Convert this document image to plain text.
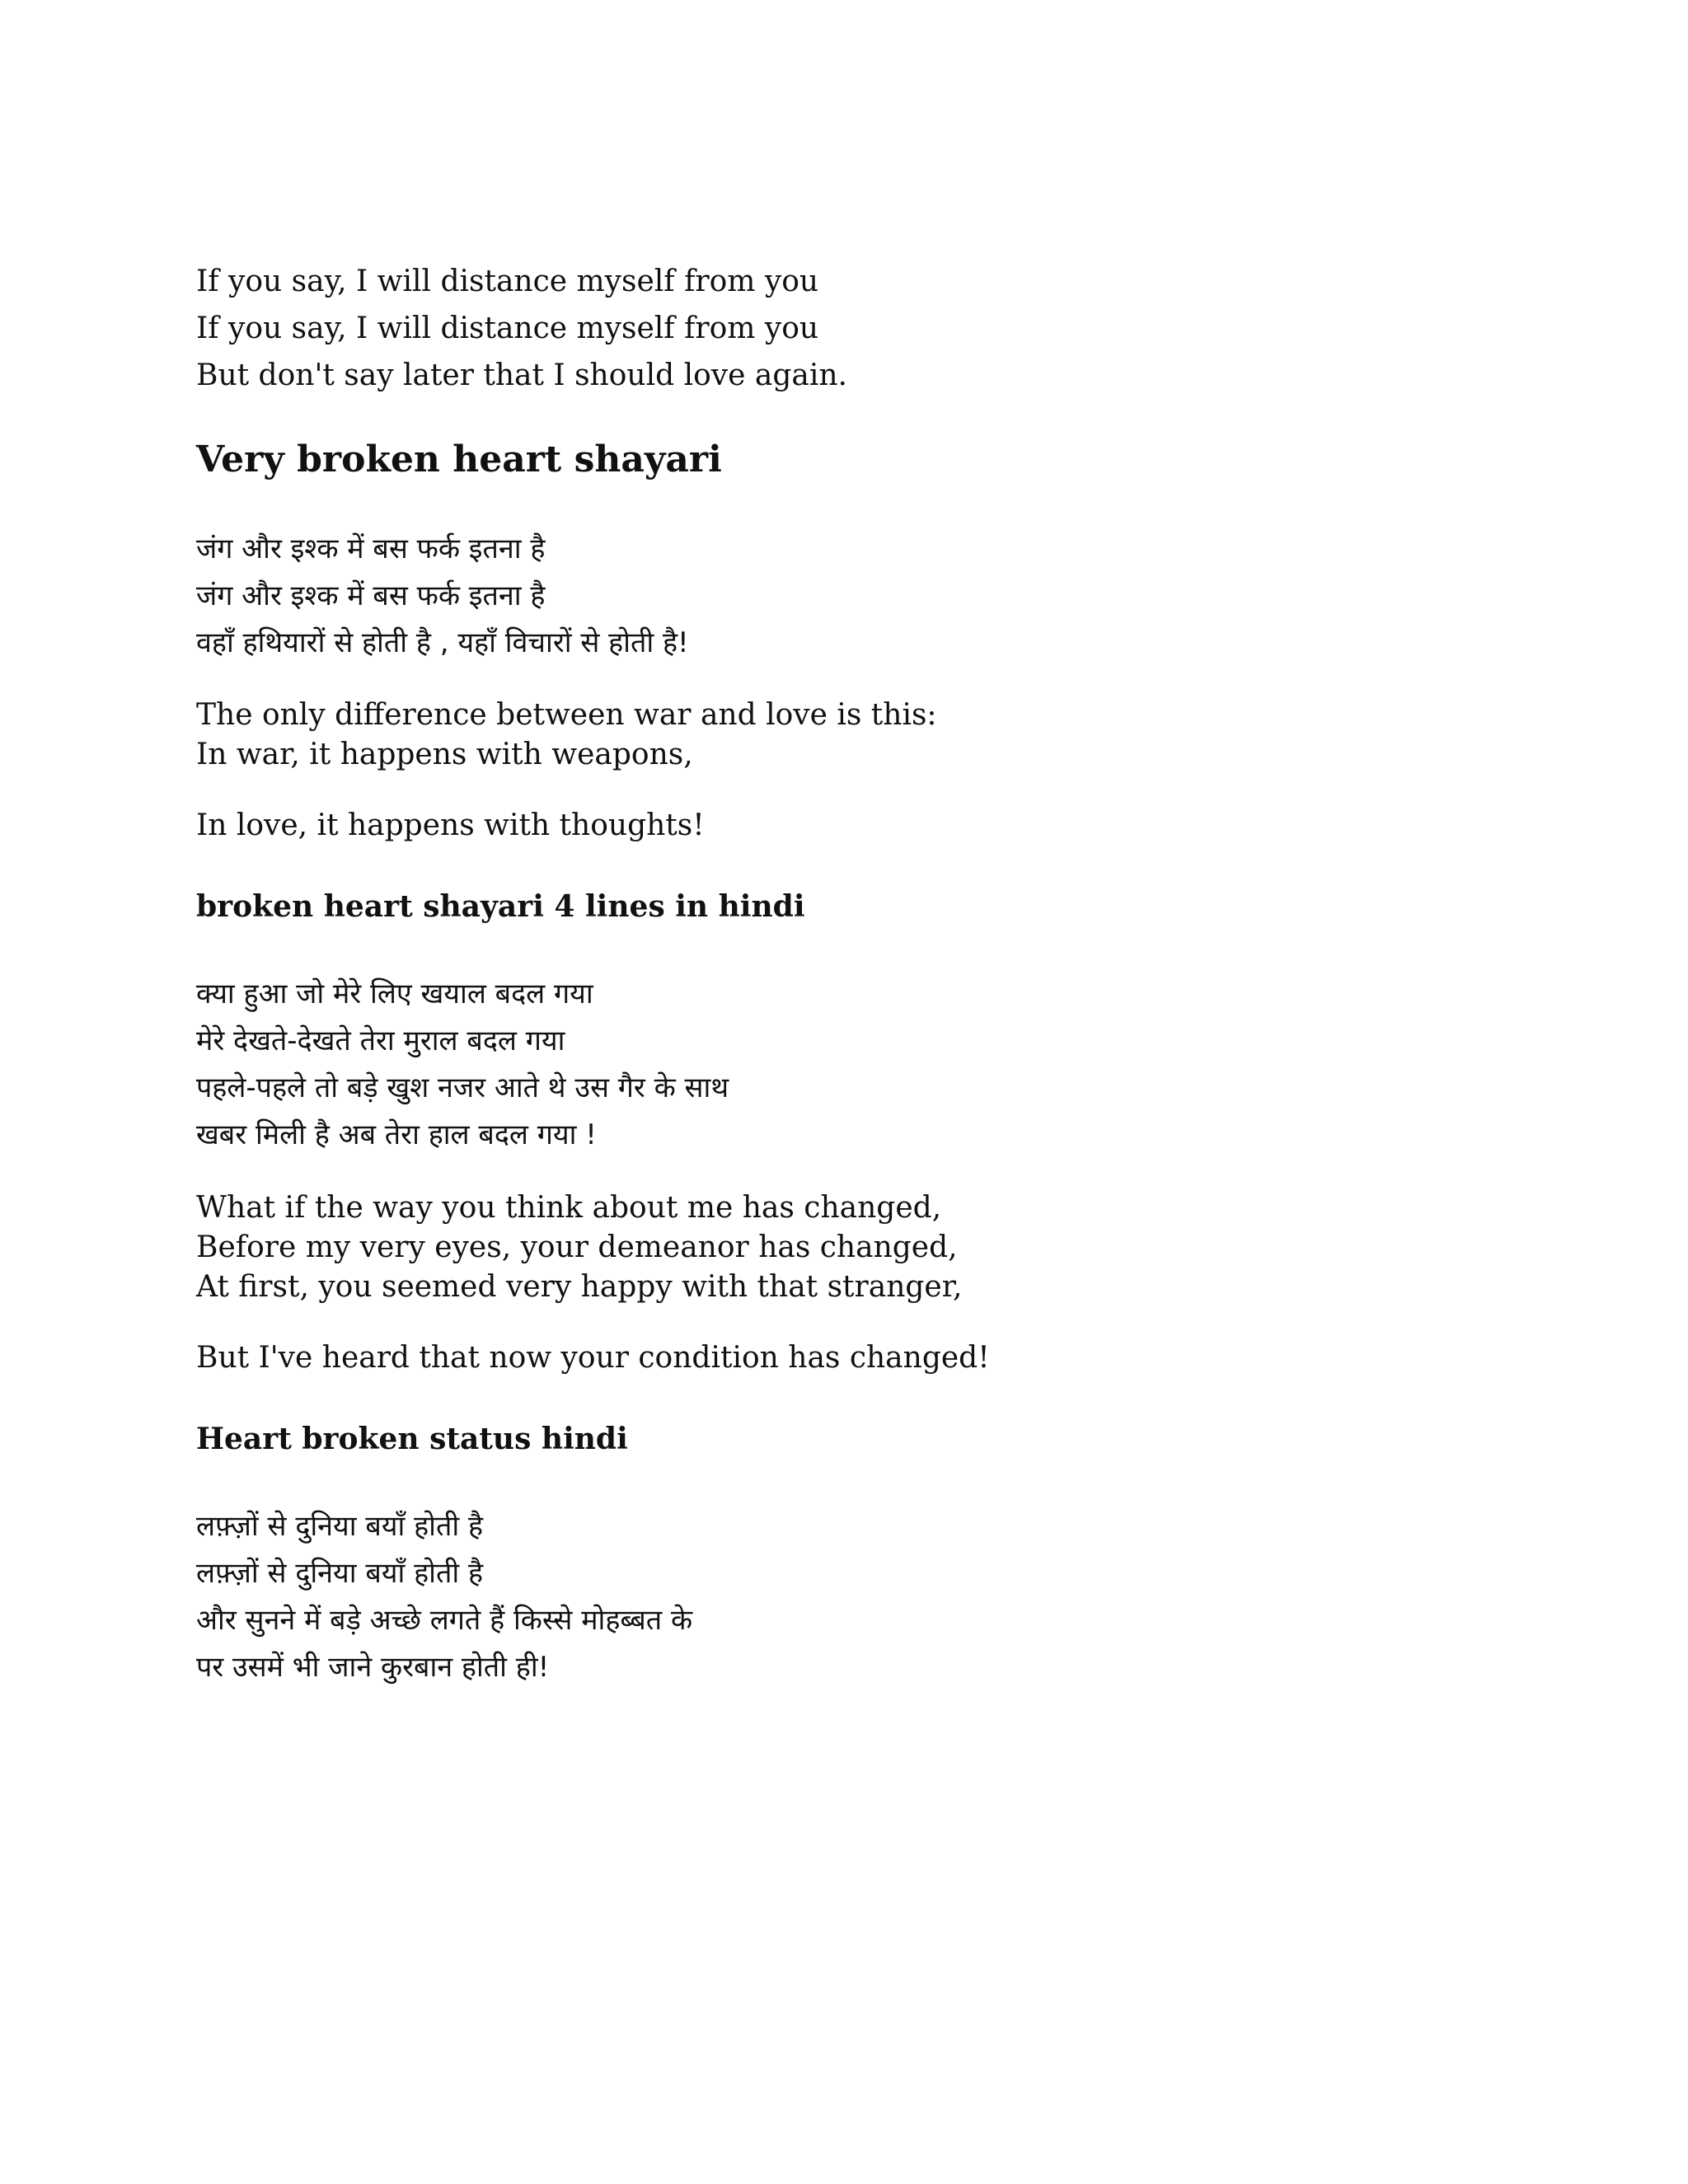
If you say, I will distance myself from you
If you say, I will distance myself from you
But don't say later that I should love again.
Very broken heart shayari
जंग और इश्क में बस फर्क इतना है
जंग और इश्क में बस फर्क इतना है
वहाँ हथियारों से होती है , यहाँ विचारों से होती है!
The only difference between war and love is this:
In war, it happens with weapons,
In love, it happens with thoughts!
broken heart shayari 4 lines in hindi
क्या हुआ जो मेरे लिए खयाल बदल गया
मेरे देखते-देखते तेरा मुराल बदल गया
पहले-पहले तो बड़े खुश नजर आते थे उस गैर के साथ
खबर मिली है अब तेरा हाल बदल गया !
What if the way you think about me has changed,
Before my very eyes, your demeanor has changed,
At first, you seemed very happy with that stranger,
But I've heard that now your condition has changed!
Heart broken status hindi
लफ़्ज़ों से दुनिया बयाँ होती है
लफ़्ज़ों से दुनिया बयाँ होती है
और सुनने में बड़े अच्छे लगते हैं किस्से मोहब्बत के
पर उसमें भी जाने कुरबान होती ही!
